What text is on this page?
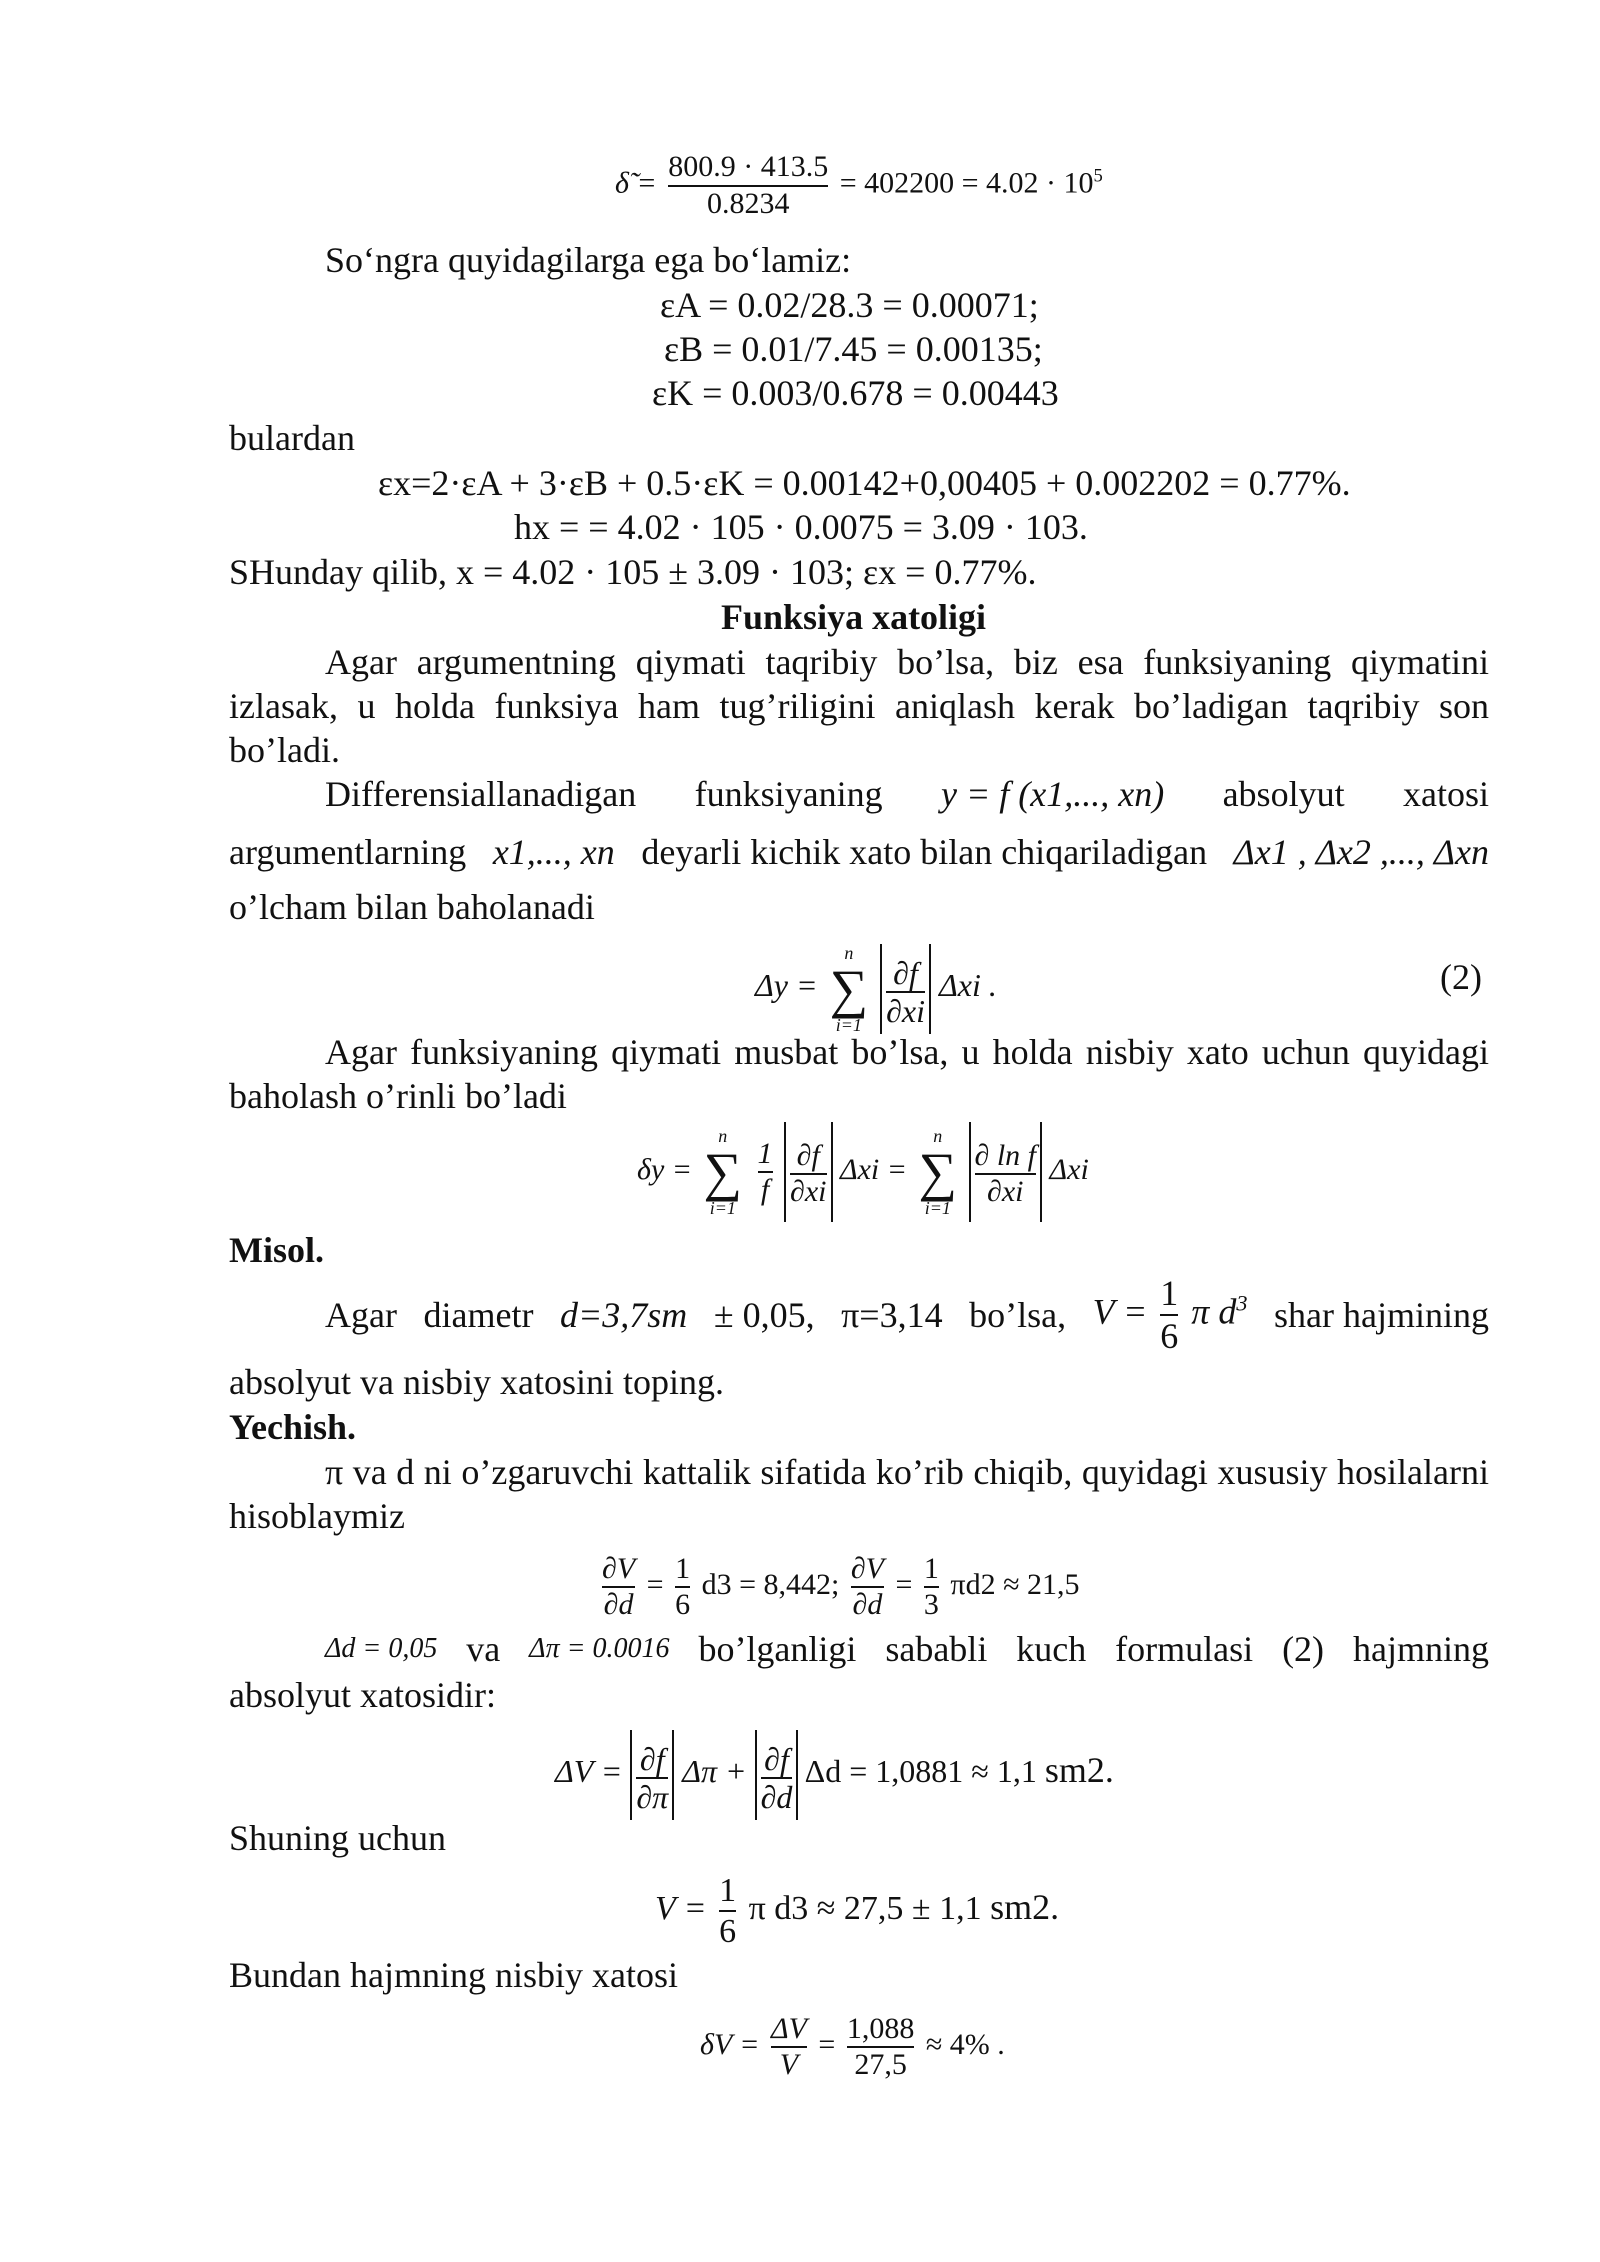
δ̃ = $\frac{800.9 \cdot 413.5}{0.8234} = 402200 = 4.02 \cdot 10^5$
So‘ngra quyidagilarga ega bo‘lamiz:
εA = 0.02/28.3 = 0.00071;
εB = 0.01/7.45 = 0.00135;
εK = 0.003/0.678 = 0.00443
bulardan
εx=2·εA + 3·εB + 0.5·εK = 0.00142+0,00405 + 0.002202 = 0.77%.
hx = = 4.02 · 105 · 0.0075 = 3.09 · 103.
SHunday qilib, x = 4.02 · 105 ± 3.09 · 103; εx = 0.77%.
Funksiya xatoligi
Agar argumentning qiymati taqribiy bo’lsa, biz esa funksiyaning qiymatini izlasak, u holda funksiya ham tug’riligini aniqlash kerak bo’ladigan taqribiy son bo’ladi.
Differensiallanadigan funksiyaning y = f (x1,..., xn) absolyut xatosi
argumentlarning x1,..., xn deyarli kichik xato bilan chiqariladigan Δx1 , Δx2 ,..., Δxn
o’lcham bilan baholanadi
Δy =
n
∑
i=1
$\frac{\partial f}{\partial xi}$ Δxi .	(2)
Agar funksiyaning qiymati musbat bo’lsa, u holda nisbiy xato uchun quyidagi baholash o’rinli bo’ladi
δy =
n
∑
i=1

$\frac{1}{f}$
$\frac{\partial f}{\partial xi}$ Δxi =
n
∑
i=1
$\frac{\text{∂ ln f}}{\partial xi}$ Δxi
Misol.
Agar diametr d=3,7sm ± 0,05, π=3,14 bo’lsa, $V = \frac{1}{6}$ π $d^3$ shar hajmining
absolyut va nisbiy xatosini toping.
Yechish.
π va d ni o’zgaruvchi kattalik sifatida ko’rib chiqib, quyidagi xususiy hosilalarni hisoblaymiz
$\frac{\partial V}{\partial d} = \frac{1}{6} d3 = 8,442$; $\frac{\partial V}{\partial d} = \frac{1}{3} \pi d2 \approx 21,5$
Δd = 0,05 va Δπ = 0.0016 bo’lganligi sababli kuch formulasi (2) hajmning
absolyut xatosidir:
$\Delta V = \frac{\partial f}{\partial\pi}$ $\Delta\pi + \frac{\partial f}{\partial d}$ Δd = 1,0881 ≈ 1,1 sm2.
Shuning uchun
$V = \frac{1}{6}$ π d3 ≈ 27,5 ± 1,1 sm2.
Bundan hajmning nisbiy xatosi
$\delta V = \frac{\Delta V}{V} = \frac{1,088}{27,5} \approx 4\%$ .
